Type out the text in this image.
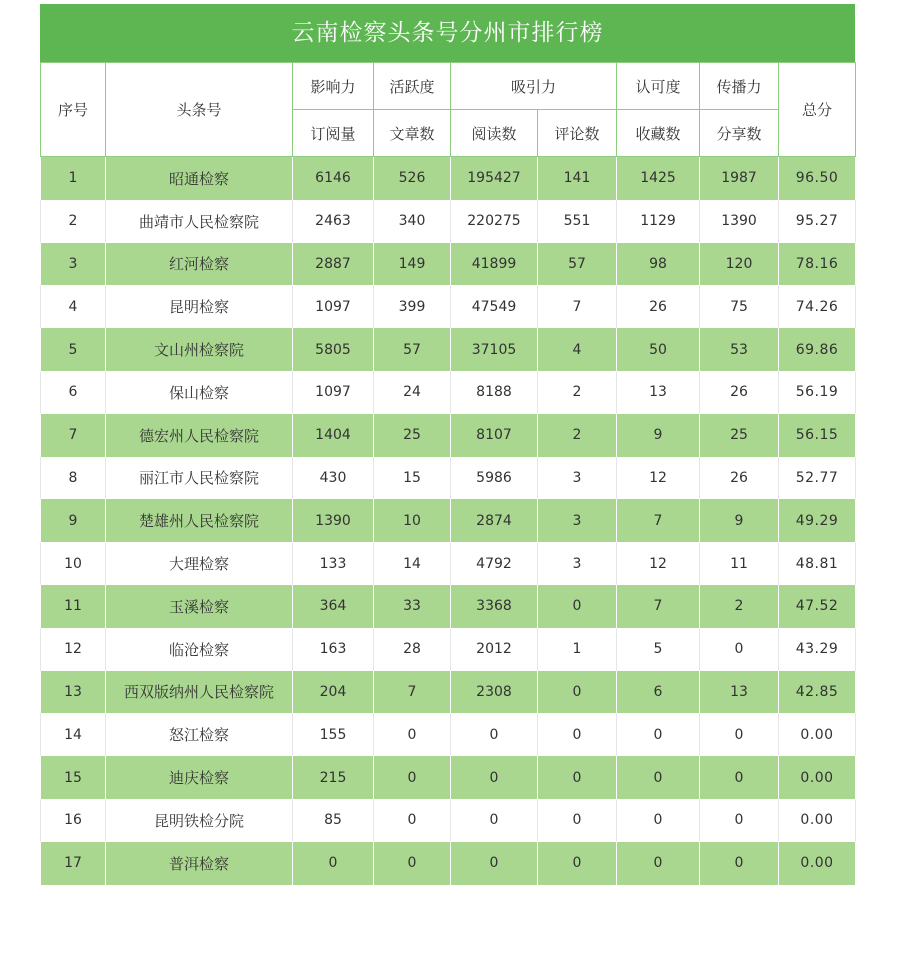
云南检察头条号分州市排行榜
序号	头条号	影响力	活跃度	吸引力		认可度	传播力	总分
		订阅量	文章数	阅读数	评论数	收藏数	分享数	
1	昭通检察	6146	526	195427	141	1425	1987	96.50
2	曲靖市人民检察院	2463	340	220275	551	1129	1390	95.27
3	红河检察	2887	149	41899	57	98	120	78.16
4	昆明检察	1097	399	47549	7	26	75	74.26
5	文山州检察院	5805	57	37105	4	50	53	69.86
6	保山检察	1097	24	8188	2	13	26	56.19
7	德宏州人民检察院	1404	25	8107	2	9	25	56.15
8	丽江市人民检察院	430	15	5986	3	12	26	52.77
9	楚雄州人民检察院	1390	10	2874	3	7	9	49.29
10	大理检察	133	14	4792	3	12	11	48.81
11	玉溪检察	364	33	3368	0	7	2	47.52
12	临沧检察	163	28	2012	1	5	0	43.29
13	西双版纳州人民检察院	204	7	2308	0	6	13	42.85
14	怒江检察	155	0	0	0	0	0	0.00
15	迪庆检察	215	0	0	0	0	0	0.00
16	昆明铁检分院	85	0	0	0	0	0	0.00
17	普洱检察	0	0	0	0	0	0	0.00
